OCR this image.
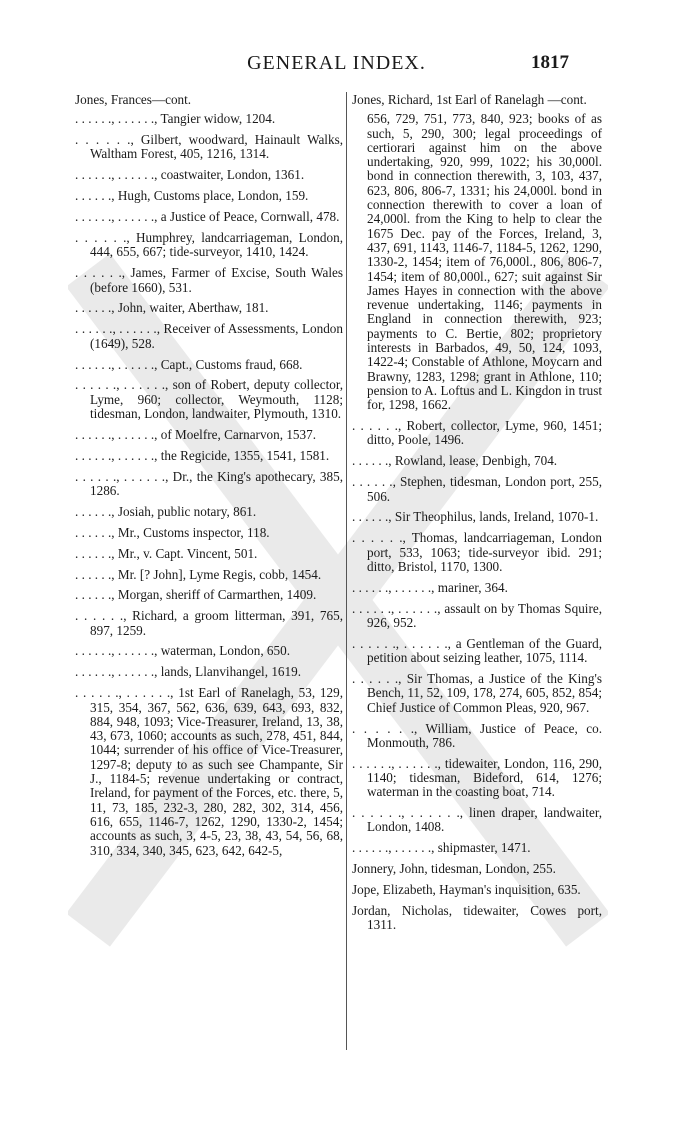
GENERAL INDEX.	1817
Jones, Frances—cont.
. . . . . ., . . . . . ., Tangier widow, 1204.
. . . . . ., Gilbert, woodward, Hainault Walks, Waltham Forest, 405, 1216, 1314.
. . . . . ., . . . . . ., coastwaiter, London, 1361.
. . . . . ., Hugh, Customs place, London, 159.
. . . . . ., . . . . . ., a Justice of Peace, Cornwall, 478.
. . . . . ., Humphrey, landcarriageman, London, 444, 655, 667; tide-surveyor, 1410, 1424.
. . . . . ., James, Farmer of Excise, South Wales (before 1660), 531.
. . . . . ., John, waiter, Aberthaw, 181.
. . . . . ., . . . . . ., Receiver of Assessments, London (1649), 528.
. . . . . ., . . . . . ., Capt., Customs fraud, 668.
. . . . . ., . . . . . ., son of Robert, deputy collector, Lyme, 960; collector, Weymouth, 1128; tidesman, London, landwaiter, Plymouth, 1310.
. . . . . ., . . . . . ., of Moelfre, Carnarvon, 1537.
. . . . . ., . . . . . ., the Regicide, 1355, 1541, 1581.
. . . . . ., . . . . . ., Dr., the King's apothecary, 385, 1286.
. . . . . ., Josiah, public notary, 861.
. . . . . ., Mr., Customs inspector, 118.
. . . . . ., Mr., v. Capt. Vincent, 501.
. . . . . ., Mr. [? John], Lyme Regis, cobb, 1454.
. . . . . ., Morgan, sheriff of Carmarthen, 1409.
. . . . . ., Richard, a groom litterman, 391, 765, 897, 1259.
. . . . . ., . . . . . ., waterman, London, 650.
. . . . . ., . . . . . ., lands, Llanvihangel, 1619.
. . . . . ., . . . . . ., 1st Earl of Ranelagh, 53, 129, 315, 354, 367, 562, 636, 639, 643, 693, 832, 884, 948, 1093; Vice-Treasurer, Ireland, 13, 38, 43, 673, 1060; accounts as such, 278, 451, 844, 1044; surrender of his office of Vice-Treasurer, 1297-8; deputy to as such see Champante, Sir J., 1184-5; revenue undertaking or contract, Ireland, for payment of the Forces, etc. there, 5, 11, 73, 185, 232-3, 280, 282, 302, 314, 456, 616, 655, 1146-7, 1262, 1290, 1330-2, 1454; accounts as such, 3, 4-5, 23, 38, 43, 54, 56, 68, 310, 334, 340, 345, 623, 642, 642-5,
Jones, Richard, 1st Earl of Ranelagh —cont.
656, 729, 751, 773, 840, 923; books of as such, 5, 290, 300; legal proceedings of certiorari against him on the above undertaking, 920, 999, 1022; his 30,000l. bond in connection therewith, 3, 103, 437, 623, 806, 806-7, 1331; his 24,000l. bond in connection therewith to cover a loan of 24,000l. from the King to help to clear the 1675 Dec. pay of the Forces, Ireland, 3, 437, 691, 1143, 1146-7, 1184-5, 1262, 1290, 1330-2, 1454; item of 76,000l., 806, 806-7, 1454; item of 80,000l., 627; suit against Sir James Hayes in connection with the above revenue undertaking, 1146; payments in England in connection therewith, 923; payments to C. Bertie, 802; proprietory interests in Barbados, 49, 50, 124, 1093, 1422-4; Constable of Athlone, Moycarn and Brawny, 1283, 1298; grant in Athlone, 110; pension to A. Loftus and L. Kingdon in trust for, 1298, 1662.
. . . . . ., Robert, collector, Lyme, 960, 1451; ditto, Poole, 1496.
. . . . . ., Rowland, lease, Denbigh, 704.
. . . . . ., Stephen, tidesman, London port, 255, 506.
. . . . . ., Sir Theophilus, lands, Ireland, 1070-1.
. . . . . ., Thomas, landcarriageman, London port, 533, 1063; tide-surveyor ibid. 291; ditto, Bristol, 1170, 1300.
. . . . . ., . . . . . ., mariner, 364.
. . . . . ., . . . . . ., assault on by Thomas Squire, 926, 952.
. . . . . ., . . . . . ., a Gentleman of the Guard, petition about seizing leather, 1075, 1114.
. . . . . ., Sir Thomas, a Justice of the King's Bench, 11, 52, 109, 178, 274, 605, 852, 854; Chief Justice of Common Pleas, 920, 967.
. . . . . ., William, Justice of Peace, co. Monmouth, 786.
. . . . . ., . . . . . ., tidewaiter, London, 116, 290, 1140; tidesman, Bideford, 614, 1276; waterman in the coasting boat, 714.
. . . . . ., . . . . . ., linen draper, landwaiter, London, 1408.
. . . . . ., . . . . . ., shipmaster, 1471.
Jonnery, John, tidesman, London, 255.
Jope, Elizabeth, Hayman's inquisition, 635.
Jordan, Nicholas, tidewaiter, Cowes port, 1311.
